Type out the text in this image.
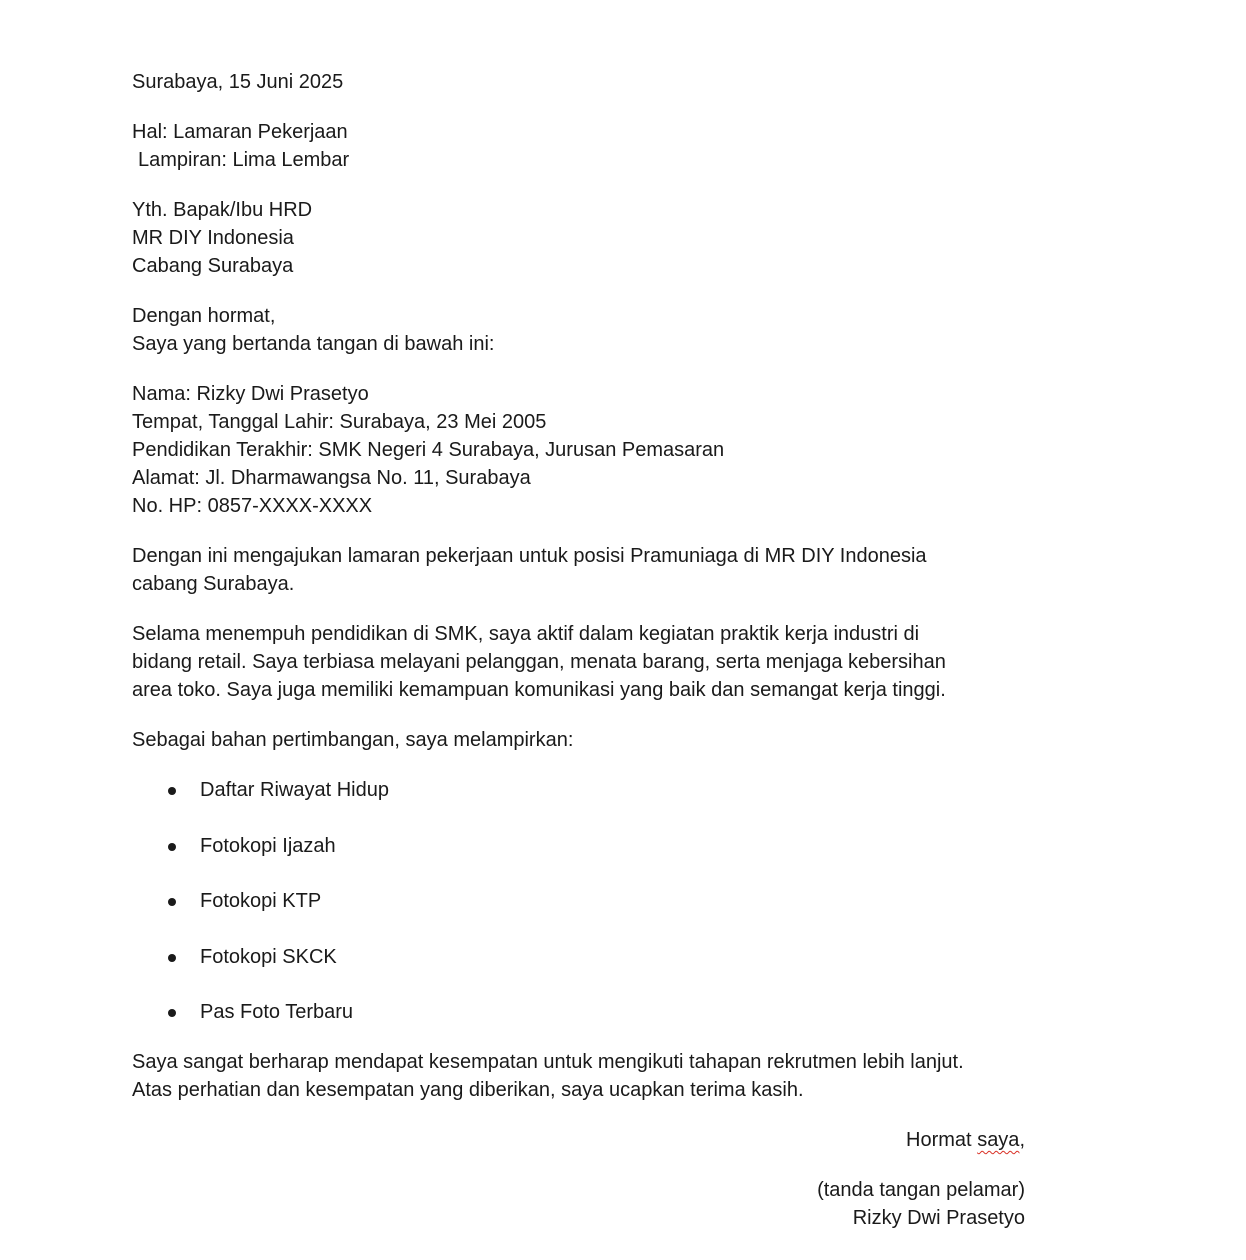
Surabaya, 15 Juni 2025
Hal: Lamaran Pekerjaan
Lampiran: Lima Lembar
Yth. Bapak/Ibu HRD
MR DIY Indonesia
Cabang Surabaya
Dengan hormat,
Saya yang bertanda tangan di bawah ini:
Nama: Rizky Dwi Prasetyo
Tempat, Tanggal Lahir: Surabaya, 23 Mei 2005
Pendidikan Terakhir: SMK Negeri 4 Surabaya, Jurusan Pemasaran
Alamat: Jl. Dharmawangsa No. 11, Surabaya
No. HP: 0857-XXXX-XXXX
Dengan ini mengajukan lamaran pekerjaan untuk posisi Pramuniaga di MR DIY Indonesia
cabang Surabaya.
Selama menempuh pendidikan di SMK, saya aktif dalam kegiatan praktik kerja industri di
bidang retail. Saya terbiasa melayani pelanggan, menata barang, serta menjaga kebersihan
area toko. Saya juga memiliki kemampuan komunikasi yang baik dan semangat kerja tinggi.
Sebagai bahan pertimbangan, saya melampirkan:
Daftar Riwayat Hidup
Fotokopi Ijazah
Fotokopi KTP
Fotokopi SKCK
Pas Foto Terbaru
Saya sangat berharap mendapat kesempatan untuk mengikuti tahapan rekrutmen lebih lanjut.
Atas perhatian dan kesempatan yang diberikan, saya ucapkan terima kasih.
Hormat saya,
(tanda tangan pelamar)
Rizky Dwi Prasetyo
